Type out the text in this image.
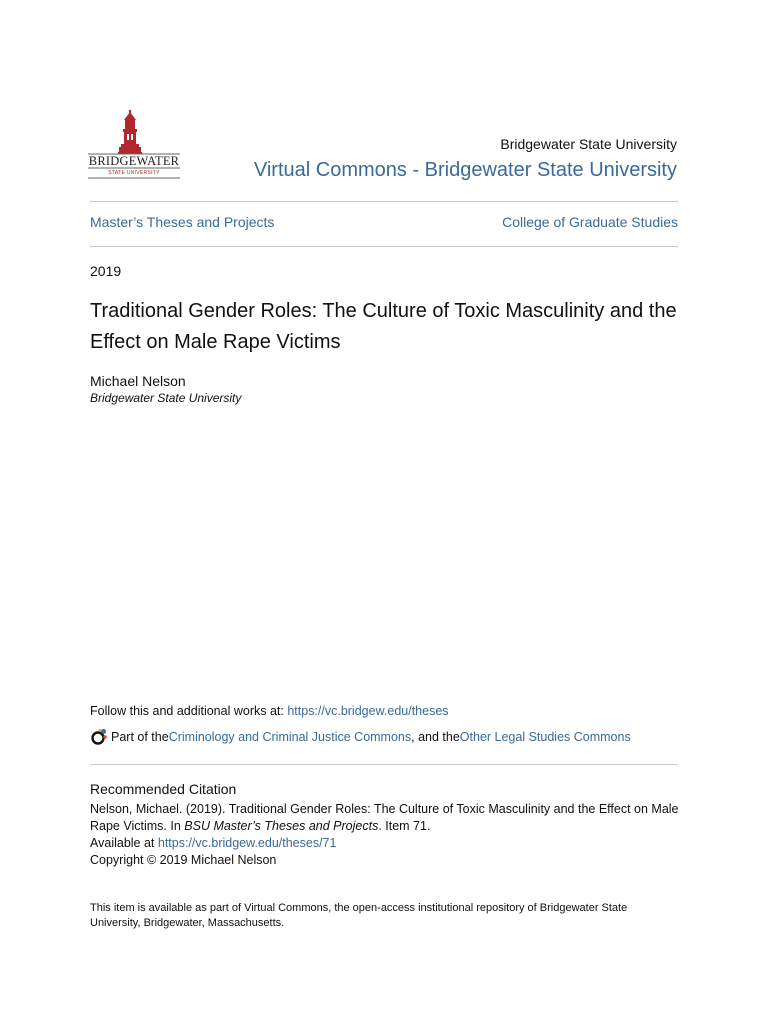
BRIDGEWATER
STATE UNIVERSITY
Bridgewater State University
Virtual Commons - Bridgewater State University
Master’s Theses and Projects	College of Graduate Studies
2019
Traditional Gender Roles: The Culture of Toxic Masculinity and the Effect on Male Rape Victims
Michael Nelson
Bridgewater State University
Follow this and additional works at: https://vc.bridgew.edu/theses
Part of the Criminology and Criminal Justice Commons , and the Other Legal Studies Commons
Recommended Citation
Nelson, Michael. (2019). Traditional Gender Roles: The Culture of Toxic Masculinity and the Effect on Male Rape Victims. In BSU Master’s Theses and Projects. Item 71.
Available at https://vc.bridgew.edu/theses/71
Copyright © 2019 Michael Nelson
This item is available as part of Virtual Commons, the open-access institutional repository of Bridgewater State University, Bridgewater, Massachusetts.
